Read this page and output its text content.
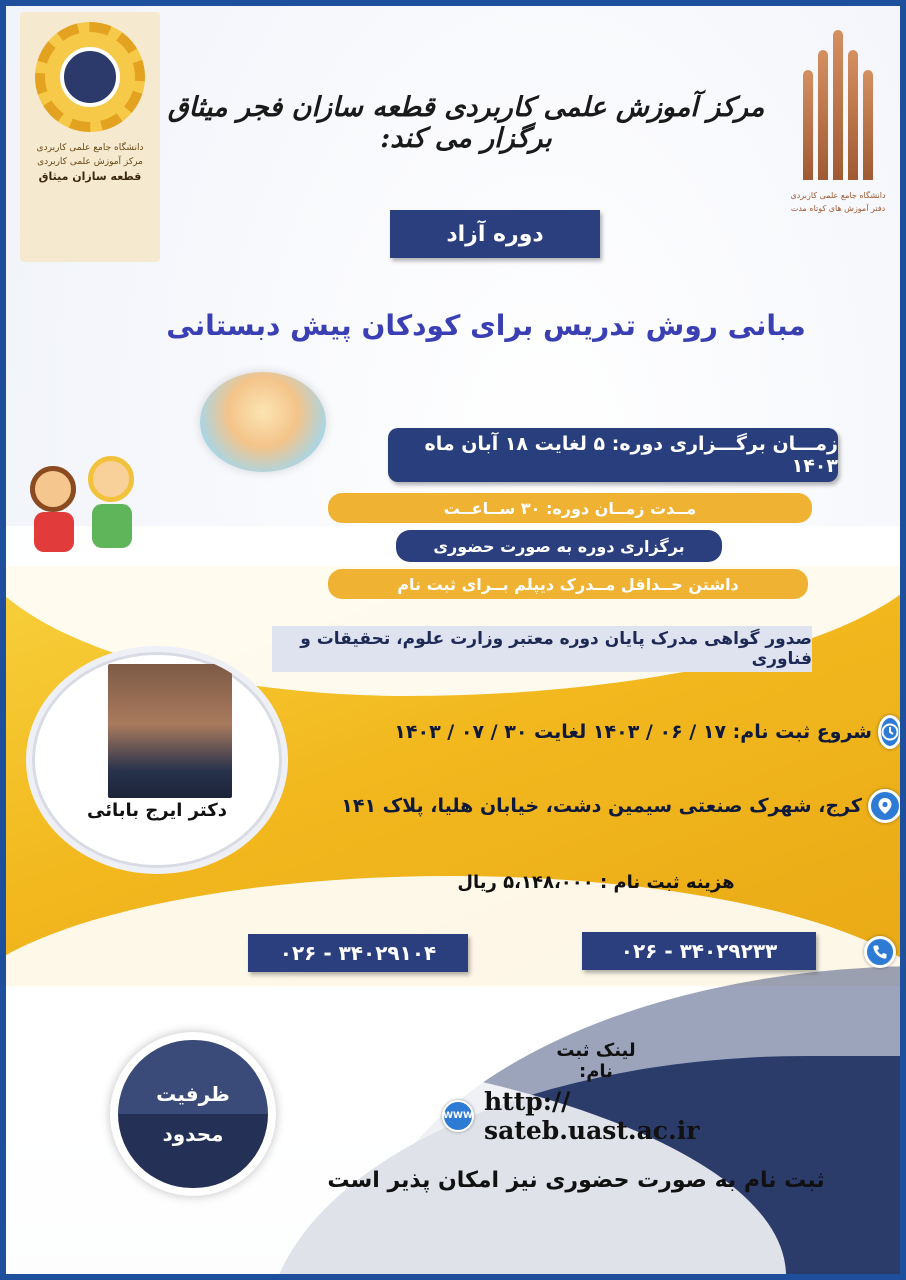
دانشگاه جامع علمی کاربردی
مرکز آموزش علمی کاربردی
قطعه سازان میثاق
دانشگاه جامع علمی کاربردی
دفتر آموزش های کوتاه مدت
مرکز آموزش علمی کاربردی قطعه سازان فجر میثاق برگزار می کند:
دوره آزاد
مبانی روش تدریس برای کودکان پیش دبستانی
زمـــان برگـــزاری دوره: ۵ لغایت ۱۸ آبان ماه ۱۴۰۳
مــدت زمــان دوره: ۳۰ ســاعــت
برگزاری دوره به صورت حضوری
داشتن حــداقل مــدرک دیپلم بــرای ثبت نام
صدور گواهی مدرک پایان دوره معتبر وزارت علوم، تحقیقات و فناوری
دکتر ایرج بابائی
شروع ثبت نام: ۱۷ / ۰۶ / ۱۴۰۳ لغایت ۳۰ / ۰۷ / ۱۴۰۳
کرج، شهرک صنعتی سیمین دشت، خیابان هلیا، پلاک ۱۴۱
هزینه ثبت نام : ۵،۱۴۸،۰۰۰ ریال
۰۲۶ - ۳۴۰۲۹۲۳۳
۰۲۶ - ۳۴۰۲۹۱۰۴
ظرفیت
محدود
لینک ثبت نام:
WWW http:// sateb.uast.ac.ir
ثبت نام به صورت حضوری نیز امکان پذیر است
